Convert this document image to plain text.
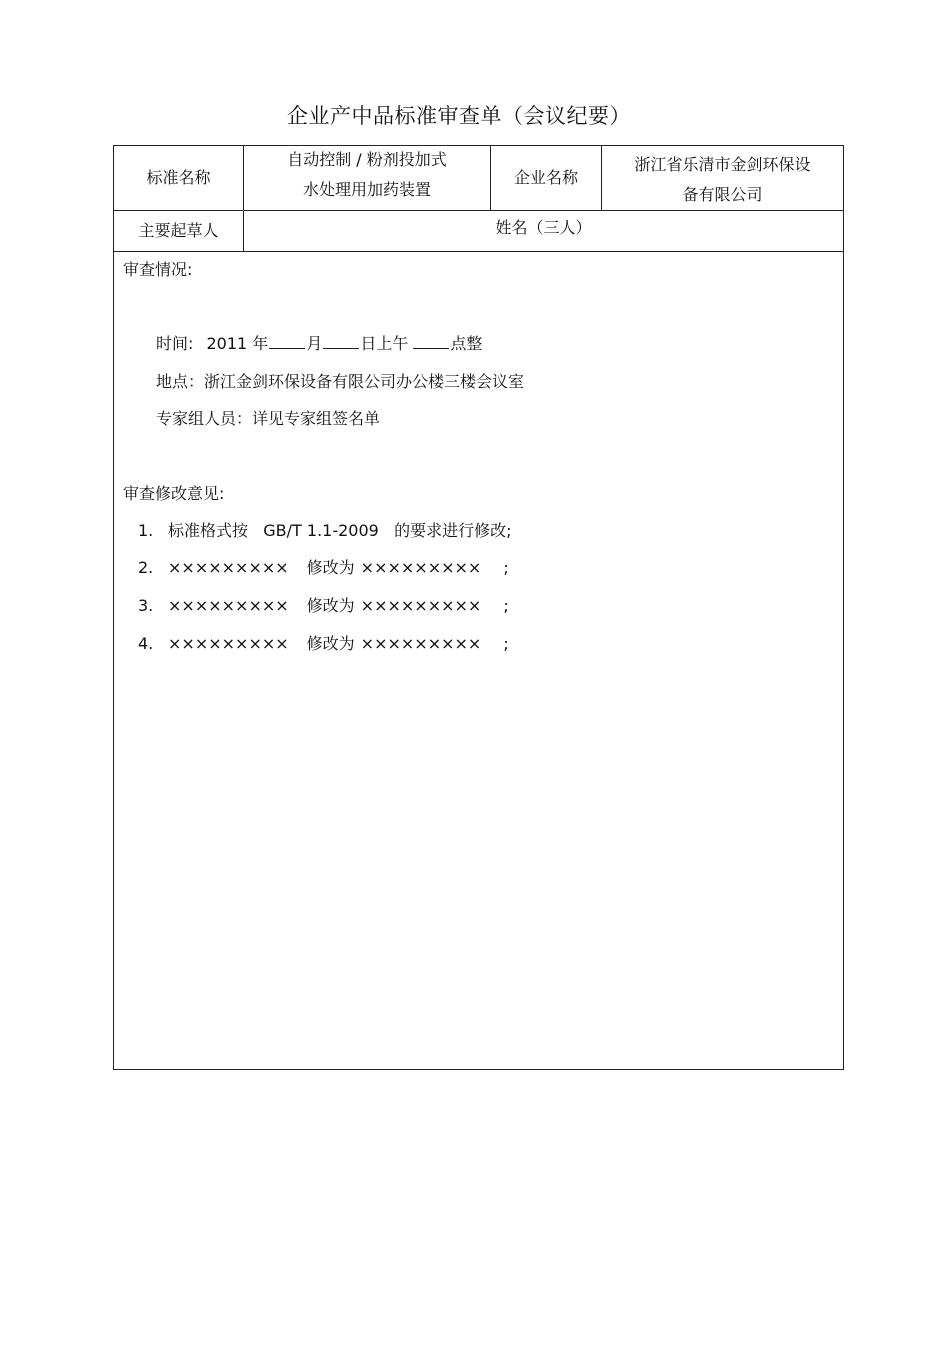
企业产中品标准审查单（会议纪要）
标准名称
自动控制 / 粉剂投加式
水处理用加药装置
企业名称
浙江省乐清市金剑环保设
备有限公司
主要起草人	姓名（三人）
审查情况:
时间: 2011 年 月 日上午	点整
地点：浙江金剑环保设备有限公司办公楼三楼会议室
专家组人员：详见专家组签名单
审查修改意见:
1. 标准格式按   GB/T 1.1-2009   的要求进行修改;
2. ××××××××× 修改为 ××××××××× ;
3. ××××××××× 修改为 ××××××××× ;
4. ××××××××× 修改为 ××××××××× ;
